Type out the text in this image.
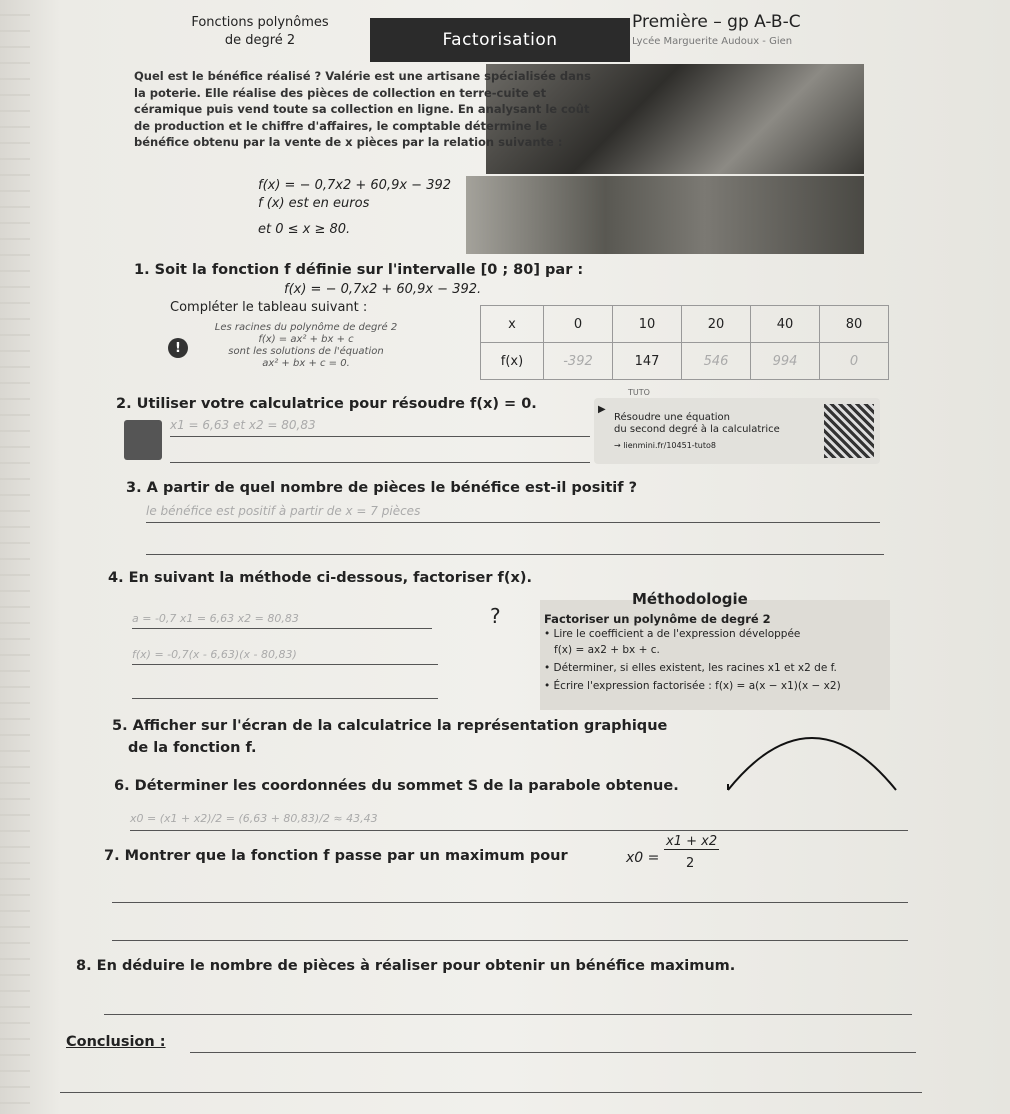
Fonctions polynômes
de degré 2	Factorisation
Première – gp A-B-C
Lycée Marguerite Audoux - Gien
Quel est le bénéfice réalisé ? Valérie est une artisane spécialisée dans la poterie. Elle réalise des pièces de collection en terre-cuite et céramique puis vend toute sa collection en ligne. En analysant le coût de production et le chiffre d'affaires, le comptable détermine le bénéfice obtenu par la vente de x pièces par la relation suivante :
f(x) = − 0,7x2 + 60,9x − 392
f (x) est en euros
et 0 ≤ x ≥ 80.
1. Soit la fonction f définie sur l'intervalle [0 ; 80] par :
f(x) = − 0,7x2 + 60,9x − 392.
Compléter le tableau suivant :
!
Les racines du polynôme de degré 2
f(x) = ax² + bx + c
sont les solutions de l'équation
ax² + bx + c = 0.
x	0	10	20	40	80
f(x)	-392	147	546	994	0
2. Utiliser votre calculatrice pour résoudre f(x) = 0.
TUTO
x1 = 6,63 et x2 = 80,83
▶
Résoudre une équation
du second degré à la calculatrice
→ lienmini.fr/10451-tuto8
3. A partir de quel nombre de pièces le bénéfice est-il positif ?
le bénéfice est positif à partir de x = 7 pièces
4. En suivant la méthode ci-dessous, factoriser f(x).
a = -0,7 x1 = 6,63 x2 = 80,83
f(x) = -0,7(x - 6,63)(x - 80,83)
?
Méthodologie
Factoriser un polynôme de degré 2
• Lire le coefficient a de l'expression développée
f(x) = ax2 + bx + c.
• Déterminer, si elles existent, les racines x1 et x2 de f.
• Écrire l'expression factorisée : f(x) = a(x − x1)(x − x2)
5. Afficher sur l'écran de la calculatrice la représentation graphique
de la fonction f.
6. Déterminer les coordonnées du sommet S de la parabole obtenue.
x0 = (x1 + x2)/2 = (6,63 + 80,83)/2 ≈ 43,43
7. Montrer que la fonction f passe par un maximum pour	x0 =
x1 + x2
2
8. En déduire le nombre de pièces à réaliser pour obtenir un bénéfice maximum.
Conclusion :
